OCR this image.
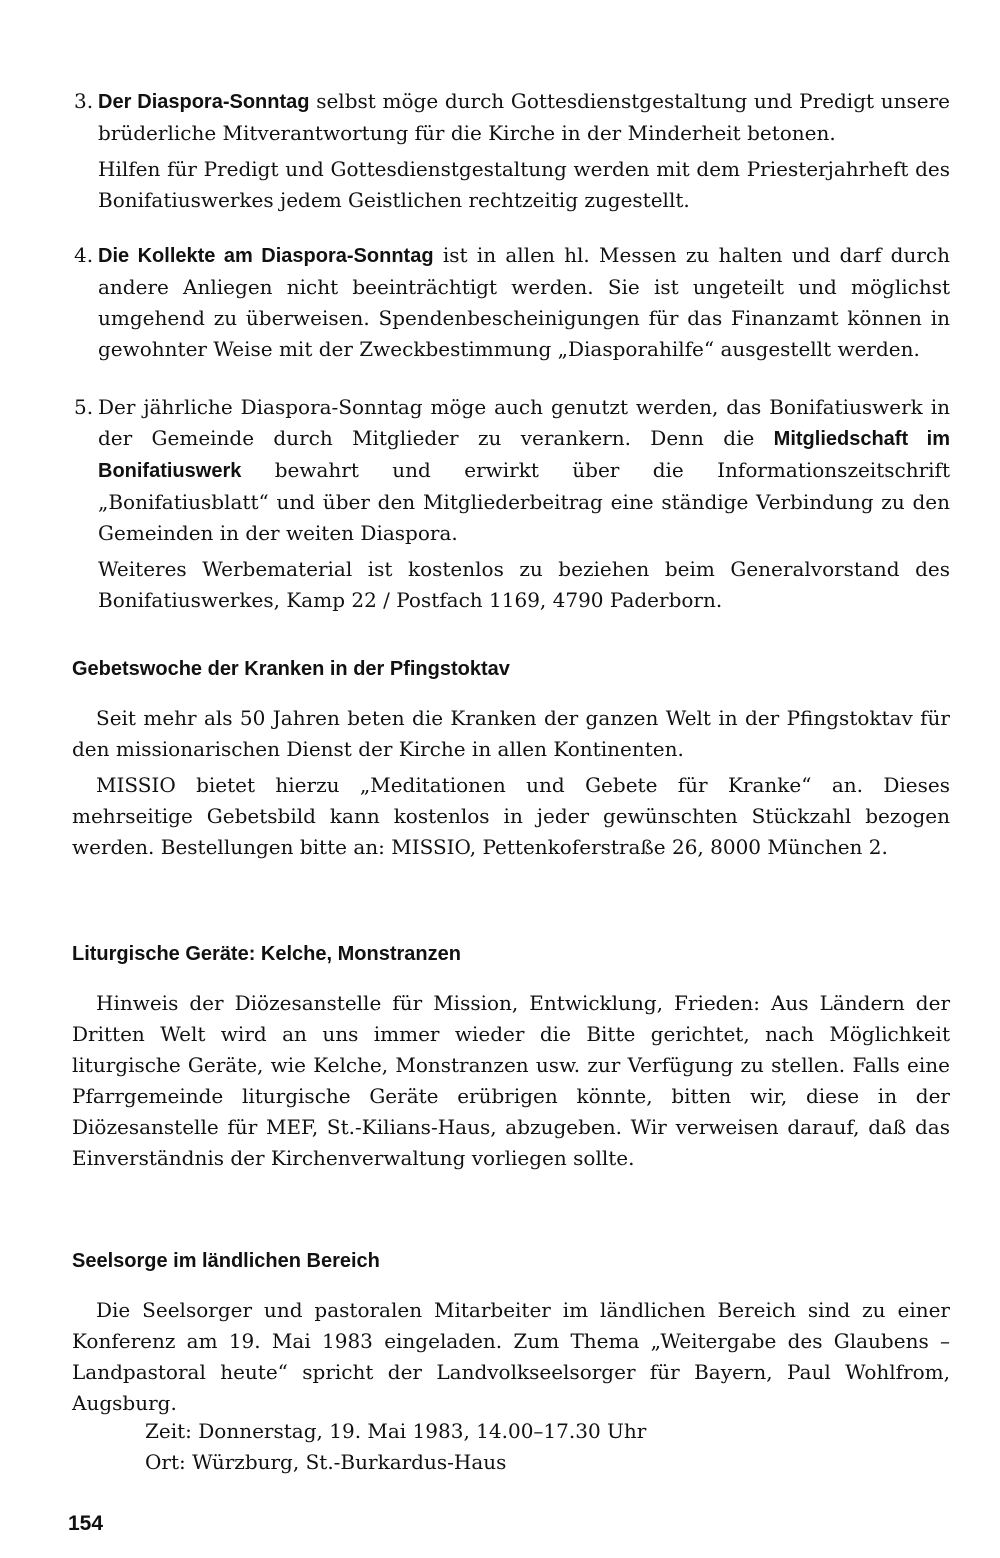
3. Der Diaspora-Sonntag selbst möge durch Gottesdienstgestaltung und Predigt unsere brüderliche Mitverantwortung für die Kirche in der Minderheit betonen.

Hilfen für Predigt und Gottesdienstgestaltung werden mit dem Priesterjahrheft des Bonifatiuswerkes jedem Geistlichen rechtzeitig zugestellt.

4. Die Kollekte am Diaspora-Sonntag ist in allen hl. Messen zu halten und darf durch andere Anliegen nicht beeinträchtigt werden. Sie ist ungeteilt und möglichst umgehend zu überweisen. Spendenbescheinigungen für das Finanzamt können in gewohnter Weise mit der Zweckbestimmung „Diasporahilfe“ ausgestellt werden.

5. Der jährliche Diaspora-Sonntag möge auch genutzt werden, das Bonifatiuswerk in der Gemeinde durch Mitglieder zu verankern. Denn die Mitgliedschaft im Bonifatiuswerk bewahrt und erwirkt über die Informationszeitschrift „Bonifatiusblatt“ und über den Mitgliederbeitrag eine ständige Verbindung zu den Gemeinden in der weiten Diaspora.

Weiteres Werbematerial ist kostenlos zu beziehen beim Generalvorstand des Bonifatiuswerkes, Kamp 22 / Postfach 1169, 4790 Paderborn.

Gebetswoche der Kranken in der Pfingstoktav

Seit mehr als 50 Jahren beten die Kranken der ganzen Welt in der Pfingstoktav für den missionarischen Dienst der Kirche in allen Kontinenten.

MISSIO bietet hierzu „Meditationen und Gebete für Kranke“ an. Dieses mehrseitige Gebetsbild kann kostenlos in jeder gewünschten Stückzahl bezogen werden. Bestellungen bitte an: MISSIO, Pettenkoferstraße 26, 8000 München 2.

Liturgische Geräte: Kelche, Monstranzen

Hinweis der Diözesanstelle für Mission, Entwicklung, Frieden: Aus Ländern der Dritten Welt wird an uns immer wieder die Bitte gerichtet, nach Möglichkeit liturgische Geräte, wie Kelche, Monstranzen usw. zur Verfügung zu stellen. Falls eine Pfarrgemeinde liturgische Geräte erübrigen könnte, bitten wir, diese in der Diözesanstelle für MEF, St.-Kilians-Haus, abzugeben. Wir verweisen darauf, daß das Einverständnis der Kirchenverwaltung vorliegen sollte.

Seelsorge im ländlichen Bereich

Die Seelsorger und pastoralen Mitarbeiter im ländlichen Bereich sind zu einer Konferenz am 19. Mai 1983 eingeladen. Zum Thema „Weitergabe des Glaubens – Landpastoral heute“ spricht der Landvolkseelsorger für Bayern, Paul Wohlfrom, Augsburg.

Zeit: Donnerstag, 19. Mai 1983, 14.00–17.30 Uhr

Ort: Würzburg, St.-Burkardus-Haus

154
